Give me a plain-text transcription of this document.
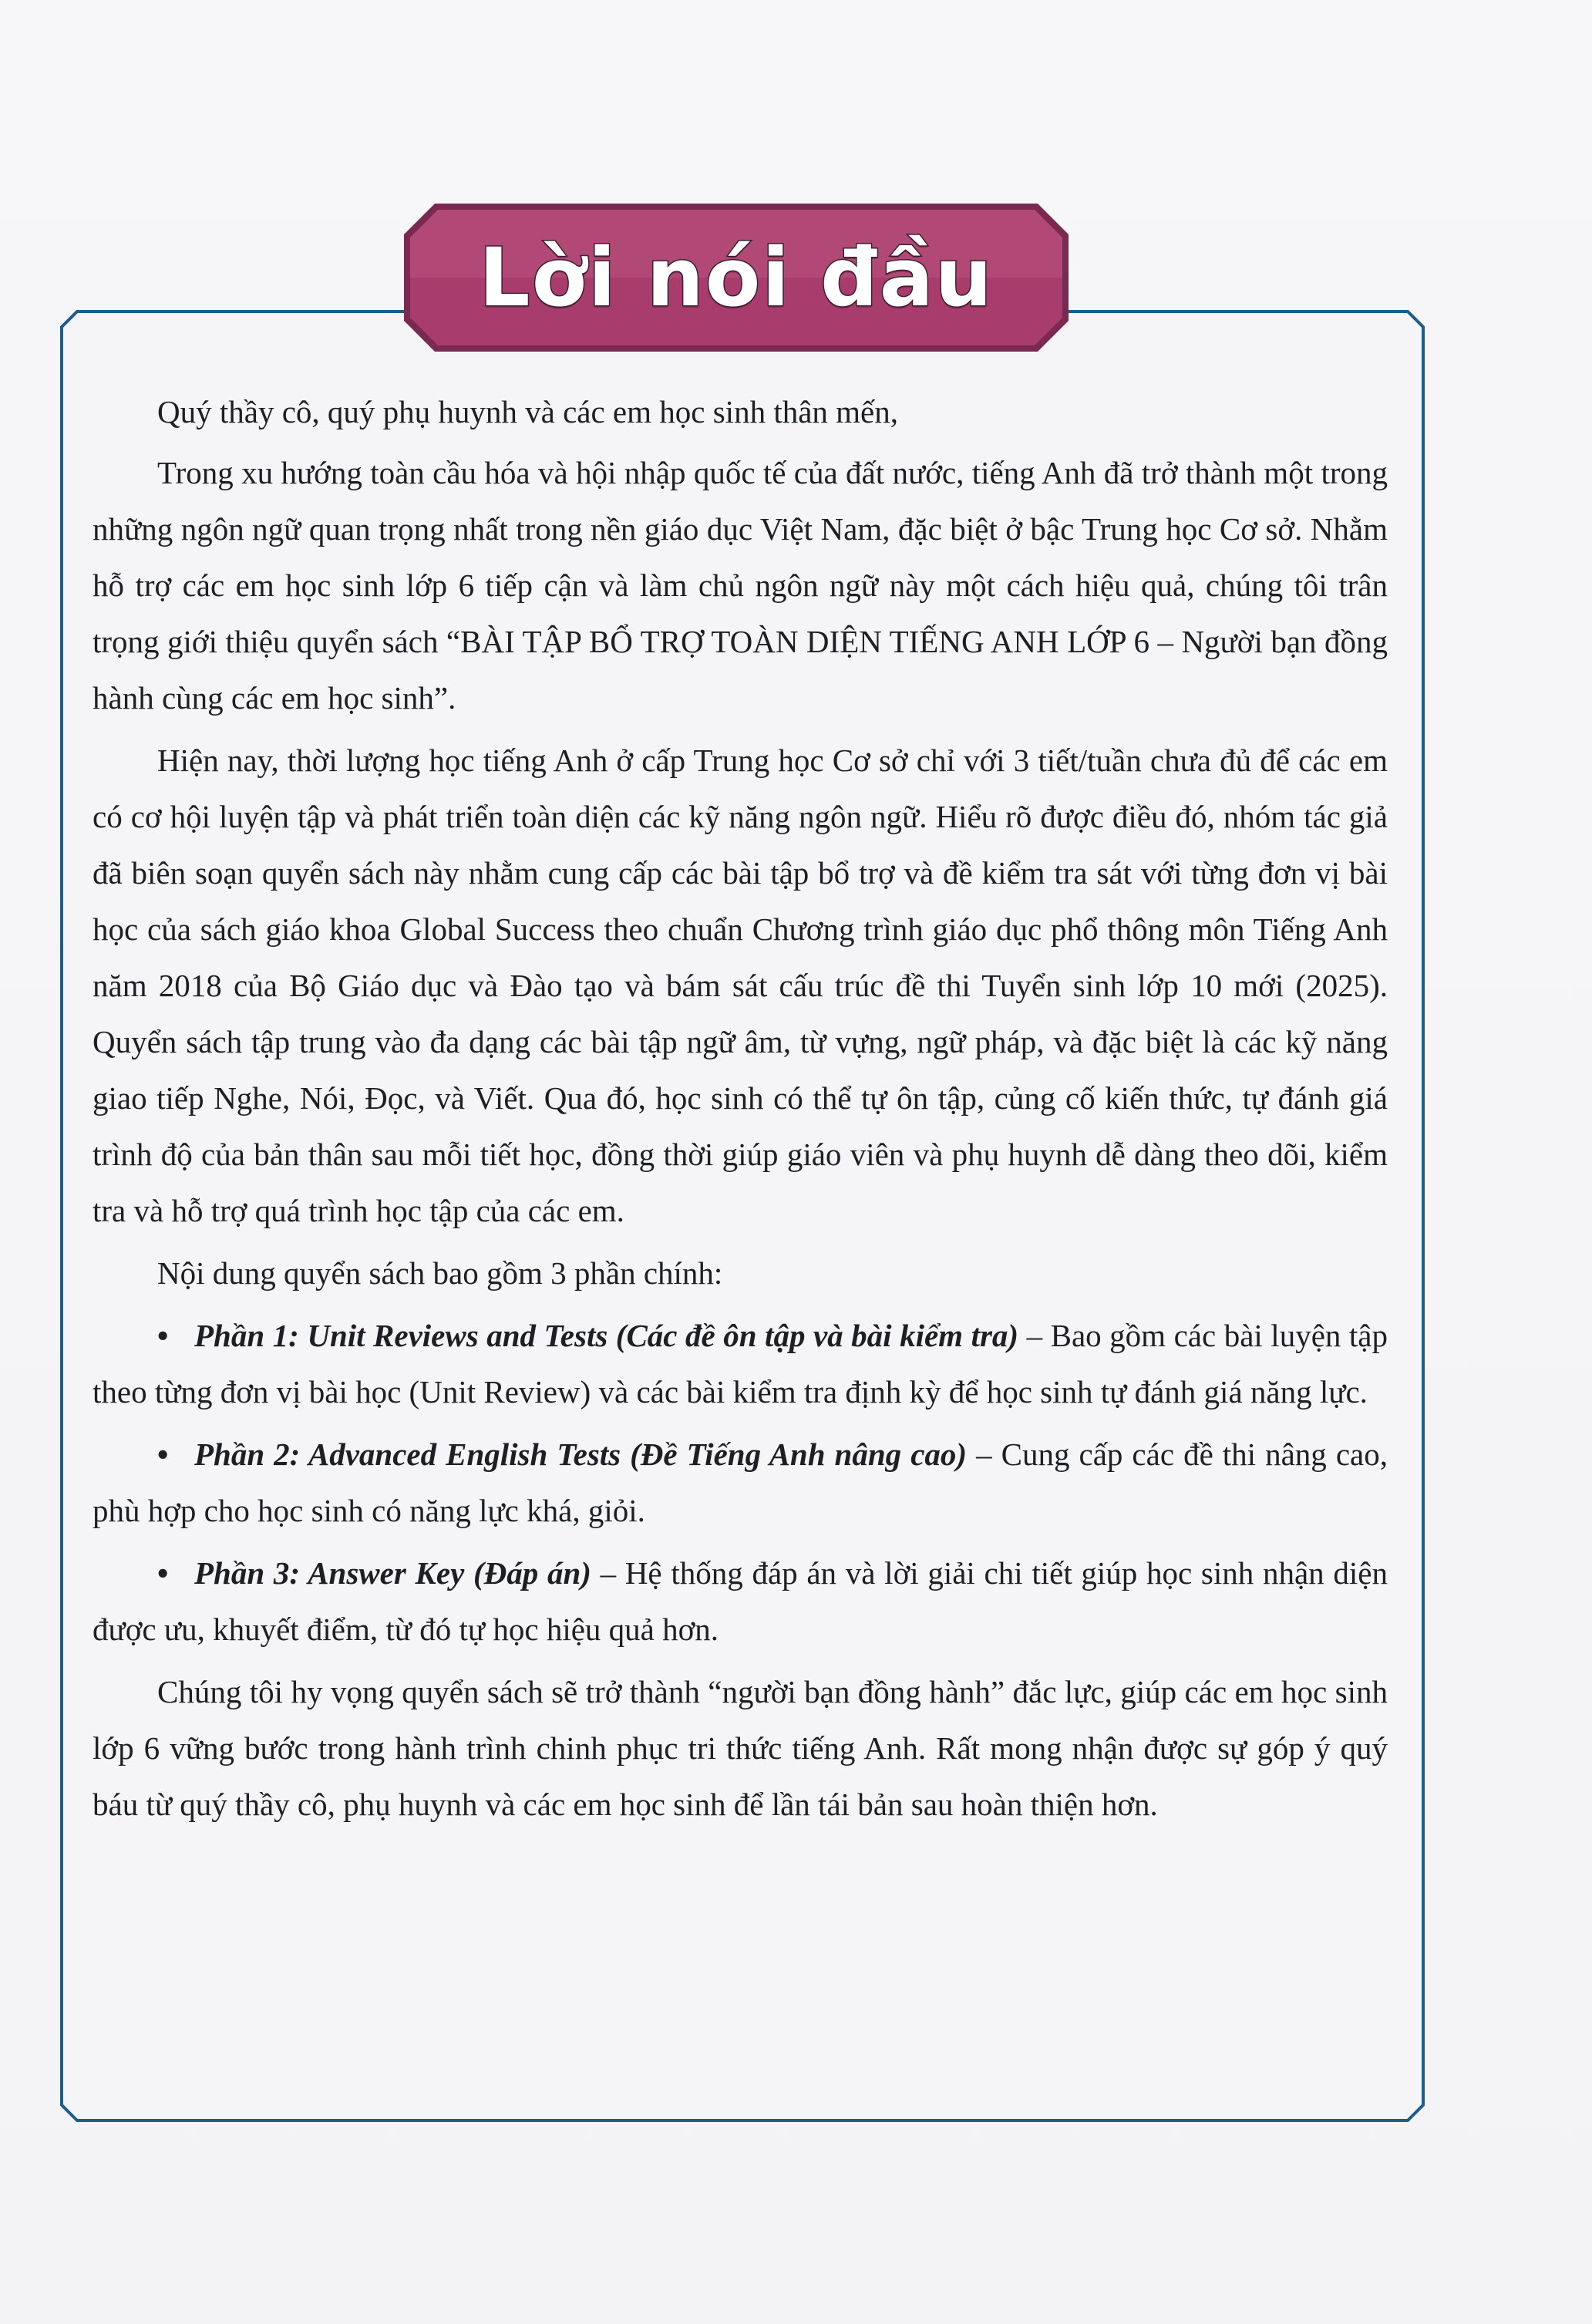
Lời nói đầu

Quý thầy cô, quý phụ huynh và các em học sinh thân mến,

Trong xu hướng toàn cầu hóa và hội nhập quốc tế của đất nước, tiếng Anh đã trở thành một trong những ngôn ngữ quan trọng nhất trong nền giáo dục Việt Nam, đặc biệt ở bậc Trung học Cơ sở. Nhằm hỗ trợ các em học sinh lớp 6 tiếp cận và làm chủ ngôn ngữ này một cách hiệu quả, chúng tôi trân trọng giới thiệu quyển sách “BÀI TẬP BỔ TRỢ TOÀN DIỆN TIẾNG ANH LỚP 6 – Người bạn đồng hành cùng các em học sinh”.

Hiện nay, thời lượng học tiếng Anh ở cấp Trung học Cơ sở chỉ với 3 tiết/tuần chưa đủ để các em có cơ hội luyện tập và phát triển toàn diện các kỹ năng ngôn ngữ. Hiểu rõ được điều đó, nhóm tác giả đã biên soạn quyển sách này nhằm cung cấp các bài tập bổ trợ và đề kiểm tra sát với từng đơn vị bài học của sách giáo khoa Global Success theo chuẩn Chương trình giáo dục phổ thông môn Tiếng Anh năm 2018 của Bộ Giáo dục và Đào tạo và bám sát cấu trúc đề thi Tuyển sinh lớp 10 mới (2025). Quyển sách tập trung vào đa dạng các bài tập ngữ âm, từ vựng, ngữ pháp, và đặc biệt là các kỹ năng giao tiếp Nghe, Nói, Đọc, và Viết. Qua đó, học sinh có thể tự ôn tập, củng cố kiến thức, tự đánh giá trình độ của bản thân sau mỗi tiết học, đồng thời giúp giáo viên và phụ huynh dễ dàng theo dõi, kiểm tra và hỗ trợ quá trình học tập của các em.

Nội dung quyển sách bao gồm 3 phần chính:

• Phần 1: Unit Reviews and Tests (Các đề ôn tập và bài kiểm tra) – Bao gồm các bài luyện tập theo từng đơn vị bài học (Unit Review) và các bài kiểm tra định kỳ để học sinh tự đánh giá năng lực.
• Phần 2: Advanced English Tests (Đề Tiếng Anh nâng cao) – Cung cấp các đề thi nâng cao, phù hợp cho học sinh có năng lực khá, giỏi.
• Phần 3: Answer Key (Đáp án) – Hệ thống đáp án và lời giải chi tiết giúp học sinh nhận diện được ưu, khuyết điểm, từ đó tự học hiệu quả hơn.

Chúng tôi hy vọng quyển sách sẽ trở thành “người bạn đồng hành” đắc lực, giúp các em học sinh lớp 6 vững bước trong hành trình chinh phục tri thức tiếng Anh. Rất mong nhận được sự góp ý quý báu từ quý thầy cô, phụ huynh và các em học sinh để lần tái bản sau hoàn thiện hơn.
